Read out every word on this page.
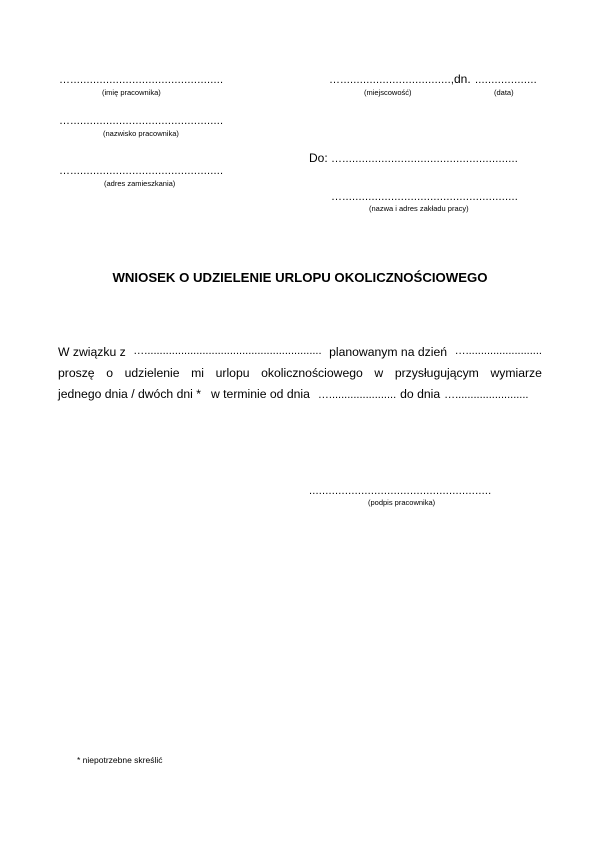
…...............................................
(imię pracownika)
…...............................................
(nazwisko pracownika)
…...............................................
(adres zamieszkania)
….................................., dn. ...................
(miejscowość)	(data)
Do: …......................................................
…......................................................
(nazwa i adres zakładu pracy)
WNIOSEK O UDZIELENIE URLOPU OKOLICZNOŚCIOWEGO
W związku z ….......................................................... planowanym na dzień ….........................
proszę o udzielenie mi urlopu okolicznościowego w przysługującym wymiarze
jednego dnia / dwóch dni * w terminie od dnia …...................... do dnia …........................
........................................................
(podpis pracownika)
* niepotrzebne skreślić
